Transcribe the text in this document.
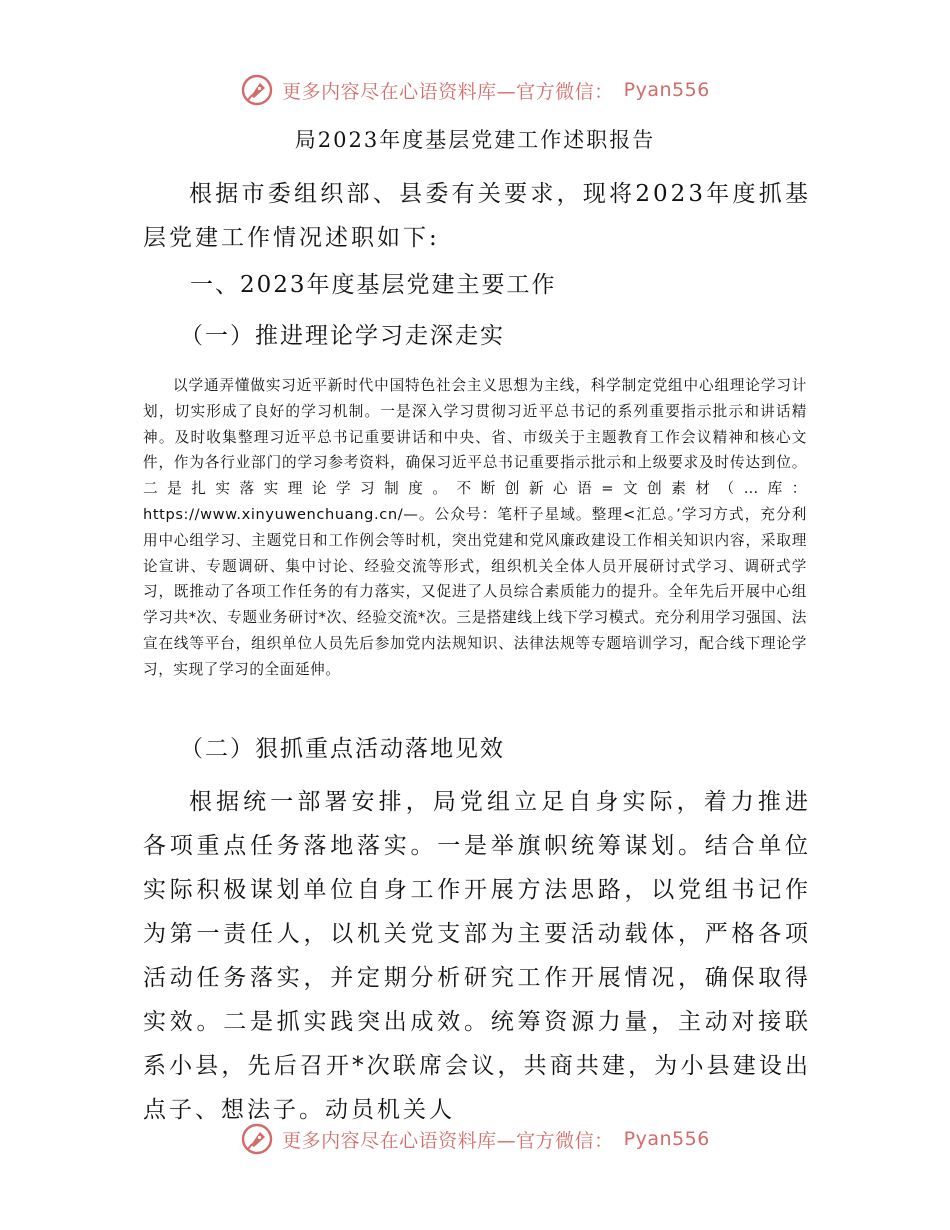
更多内容尽在心语资料库—官方微信： Pyan556
局2023年度基层党建工作述职报告

根据市委组织部、县委有关要求，现将2023年度抓基层党建工作情况述职如下:

一、2023年度基层党建主要工作
（一）推进理论学习走深走实

以学通弄懂做实习近平新时代中国特色社会主义思想为主线，科学制定党组中心组理论学习计划，切实形成了良好的学习机制。一是深入学习贯彻习近平总书记的系列重要指示批示和讲话精神。及时收集整理习近平总书记重要讲话和中央、省、市级关于主题教育工作会议精神和核心文件，作为各行业部门的学习参考资料，确保习近平总书记重要指示批示和上级要求及时传达到位。二是扎实落实理论学习制度。不断创新心语=文创素材（…库：https://www.xinyuwenchuang.cn/—。公众号：笔杆子星域。整理<汇总。’学习方式，充分利用中心组学习、主题党日和工作例会等时机，突出党建和党风廉政建设工作相关知识内容，采取理论宣讲、专题调研、集中讨论、经验交流等形式，组织机关全体人员开展研讨式学习、调研式学习，既推动了各项工作任务的有力落实，又促进了人员综合素质能力的提升。全年先后开展中心组学习共*次、专题业务研讨*次、经验交流*次。三是搭建线上线下学习模式。充分利用学习强国、法宣在线等平台，组织单位人员先后参加党内法规知识、法律法规等专题培训学习，配合线下理论学习，实现了学习的全面延伸。

（二）狠抓重点活动落地见效

根据统一部署安排，局党组立足自身实际，着力推进各项重点任务落地落实。一是举旗帜统筹谋划。结合单位实际积极谋划单位自身工作开展方法思路，以党组书记作为第一责任人，以机关党支部为主要活动载体，严格各项活动任务落实，并定期分析研究工作开展情况，确保取得实效。二是抓实践突出成效。统筹资源力量，主动对接联系小县，先后召开*次联席会议，共商共建，为小县建设出点子、想法子。动员机关人

更多内容尽在心语资料库—官方微信： Pyan556
